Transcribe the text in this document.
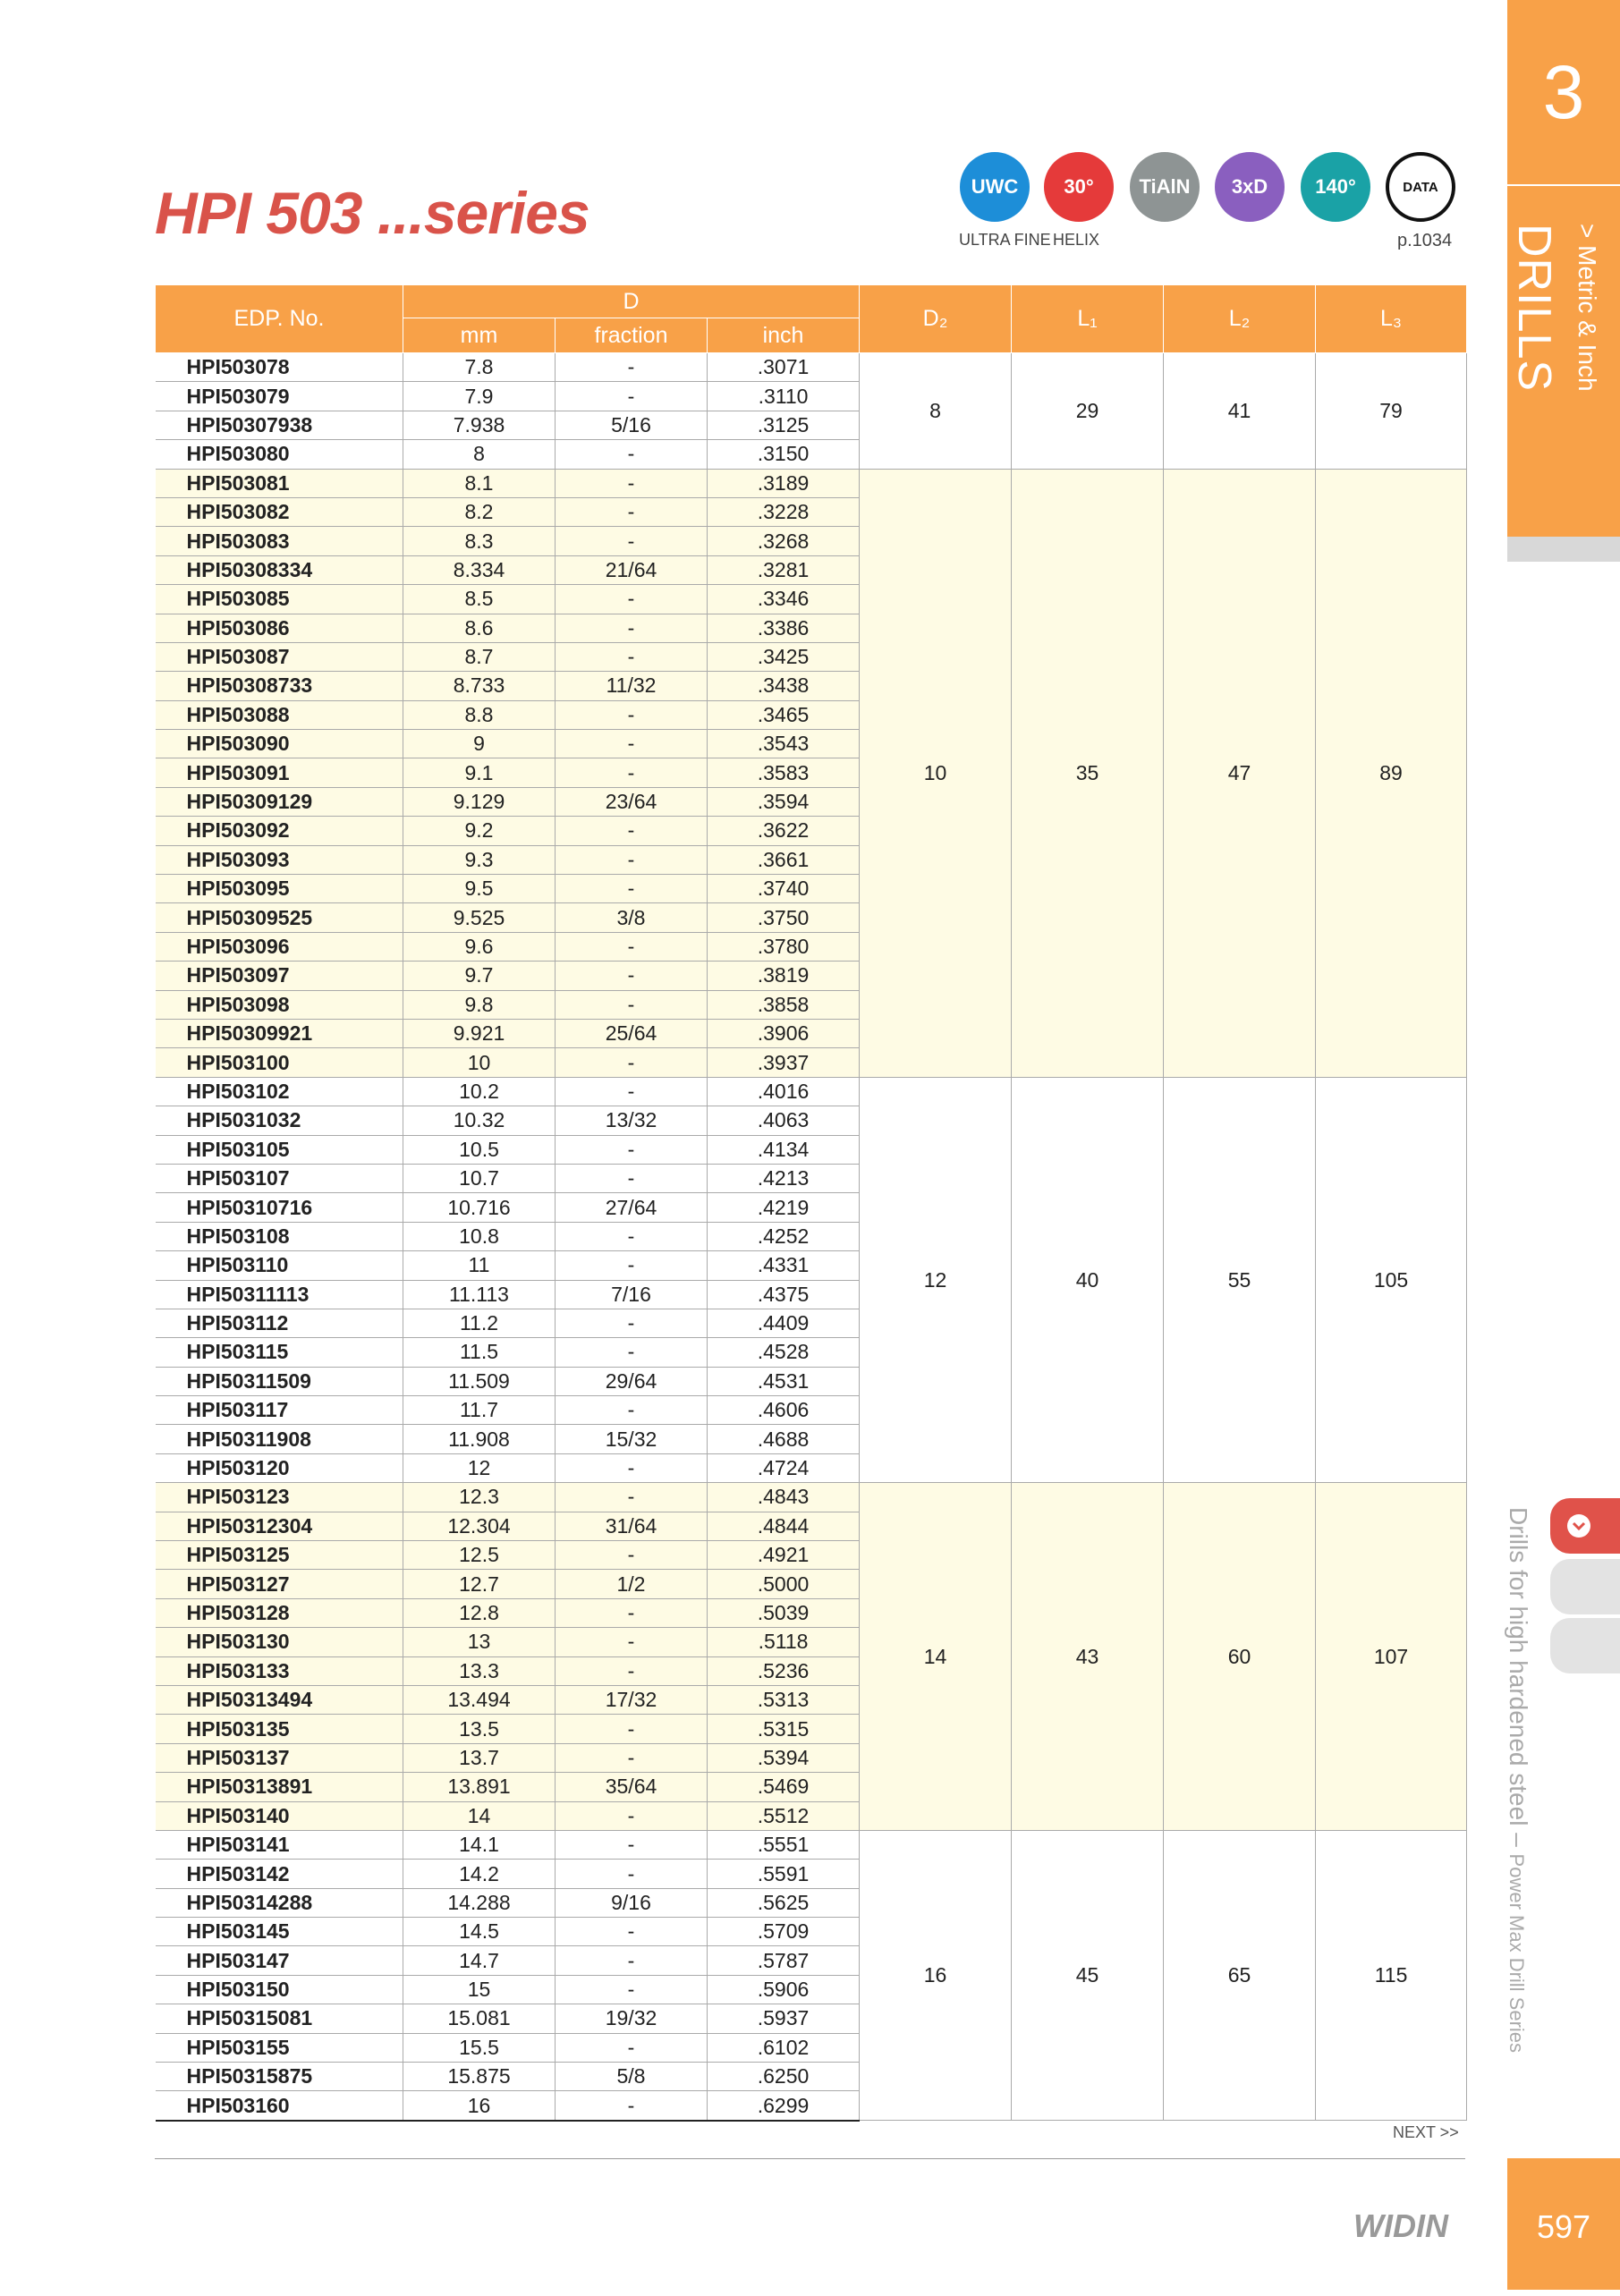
HPI 503 ...series	UWC
ULTRA FINE
30°
HELIX
TiAlN	3xD	140°	DATA
p.1034
3
DRILLS > Metric & Inch
Drills for high hardened steel – Power Max Drill Series
EDP. No.	D			D₂	L₁	L₂	L₃
	mm	fraction	inch				
HPI503078	7.8	-	.3071	8	29	41	79
HPI503079	7.9	-	.3110				
HPI50307938	7.938	5/16	.3125				
HPI503080	8	-	.3150				
HPI503081	8.1	-	.3189	10	35	47	89
HPI503082	8.2	-	.3228				
HPI503083	8.3	-	.3268				
HPI50308334	8.334	21/64	.3281				
HPI503085	8.5	-	.3346				
HPI503086	8.6	-	.3386				
HPI503087	8.7	-	.3425				
HPI50308733	8.733	11/32	.3438				
HPI503088	8.8	-	.3465				
HPI503090	9	-	.3543				
HPI503091	9.1	-	.3583				
HPI50309129	9.129	23/64	.3594				
HPI503092	9.2	-	.3622				
HPI503093	9.3	-	.3661				
HPI503095	9.5	-	.3740				
HPI50309525	9.525	3/8	.3750				
HPI503096	9.6	-	.3780				
HPI503097	9.7	-	.3819				
HPI503098	9.8	-	.3858				
HPI50309921	9.921	25/64	.3906				
HPI503100	10	-	.3937				
HPI503102	10.2	-	.4016	12	40	55	105
HPI5031032	10.32	13/32	.4063				
HPI503105	10.5	-	.4134				
HPI503107	10.7	-	.4213				
HPI50310716	10.716	27/64	.4219				
HPI503108	10.8	-	.4252				
HPI503110	11	-	.4331				
HPI50311113	11.113	7/16	.4375				
HPI503112	11.2	-	.4409				
HPI503115	11.5	-	.4528				
HPI50311509	11.509	29/64	.4531				
HPI503117	11.7	-	.4606				
HPI50311908	11.908	15/32	.4688				
HPI503120	12	-	.4724				
HPI503123	12.3	-	.4843	14	43	60	107
HPI50312304	12.304	31/64	.4844				
HPI503125	12.5	-	.4921				
HPI503127	12.7	1/2	.5000				
HPI503128	12.8	-	.5039				
HPI503130	13	-	.5118				
HPI503133	13.3	-	.5236				
HPI50313494	13.494	17/32	.5313				
HPI503135	13.5	-	.5315				
HPI503137	13.7	-	.5394				
HPI50313891	13.891	35/64	.5469				
HPI503140	14	-	.5512				
HPI503141	14.1	-	.5551	16	45	65	115
HPI503142	14.2	-	.5591				
HPI50314288	14.288	9/16	.5625				
HPI503145	14.5	-	.5709				
HPI503147	14.7	-	.5787				
HPI503150	15	-	.5906				
HPI50315081	15.081	19/32	.5937				
HPI503155	15.5	-	.6102				
HPI50315875	15.875	5/8	.6250				
HPI503160	16	-	.6299				
NEXT >>
WIDIN	597
